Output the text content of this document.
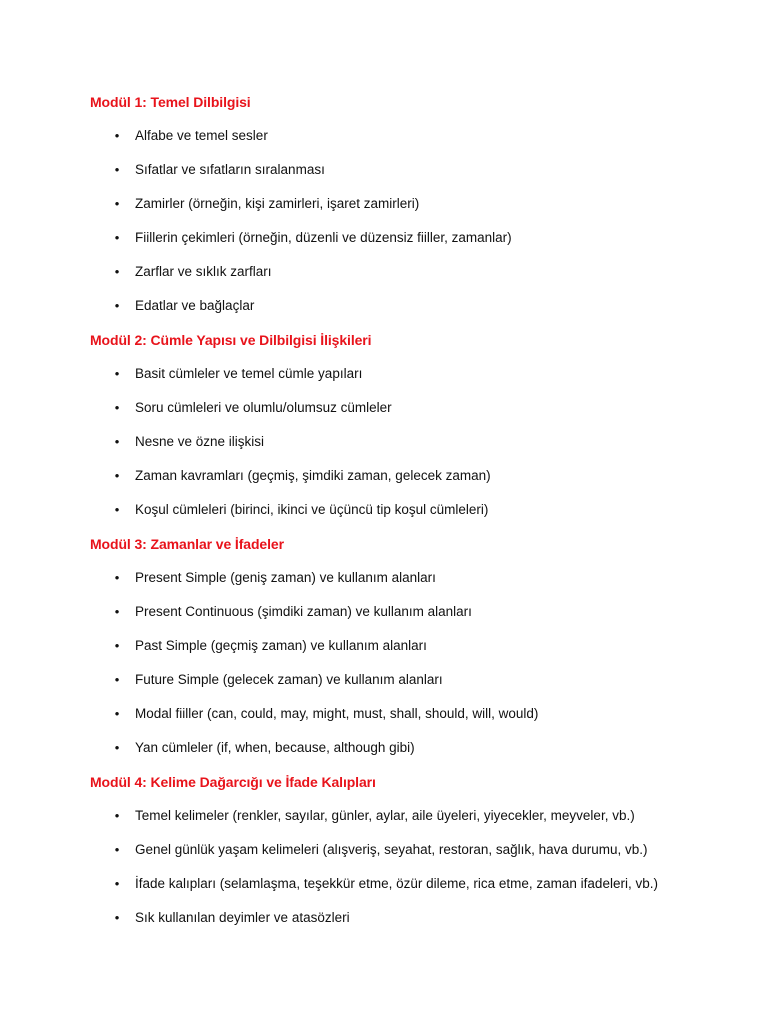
Modül 1: Temel Dilbilgisi
• Alfabe ve temel sesler
• Sıfatlar ve sıfatların sıralanması
• Zamirler (örneğin, kişi zamirleri, işaret zamirleri)
• Fiillerin çekimleri (örneğin, düzenli ve düzensiz fiiller, zamanlar)
• Zarflar ve sıklık zarfları
• Edatlar ve bağlaçlar
Modül 2: Cümle Yapısı ve Dilbilgisi İlişkileri
• Basit cümleler ve temel cümle yapıları
• Soru cümleleri ve olumlu/olumsuz cümleler
• Nesne ve özne ilişkisi
• Zaman kavramları (geçmiş, şimdiki zaman, gelecek zaman)
• Koşul cümleleri (birinci, ikinci ve üçüncü tip koşul cümleleri)
Modül 3: Zamanlar ve İfadeler
• Present Simple (geniş zaman) ve kullanım alanları
• Present Continuous (şimdiki zaman) ve kullanım alanları
• Past Simple (geçmiş zaman) ve kullanım alanları
• Future Simple (gelecek zaman) ve kullanım alanları
• Modal fiiller (can, could, may, might, must, shall, should, will, would)
• Yan cümleler (if, when, because, although gibi)
Modül 4: Kelime Dağarcığı ve İfade Kalıpları
• Temel kelimeler (renkler, sayılar, günler, aylar, aile üyeleri, yiyecekler, meyveler, vb.)
• Genel günlük yaşam kelimeleri (alışveriş, seyahat, restoran, sağlık, hava durumu, vb.)
• İfade kalıpları (selamlaşma, teşekkür etme, özür dileme, rica etme, zaman ifadeleri, vb.)
• Sık kullanılan deyimler ve atasözleri
